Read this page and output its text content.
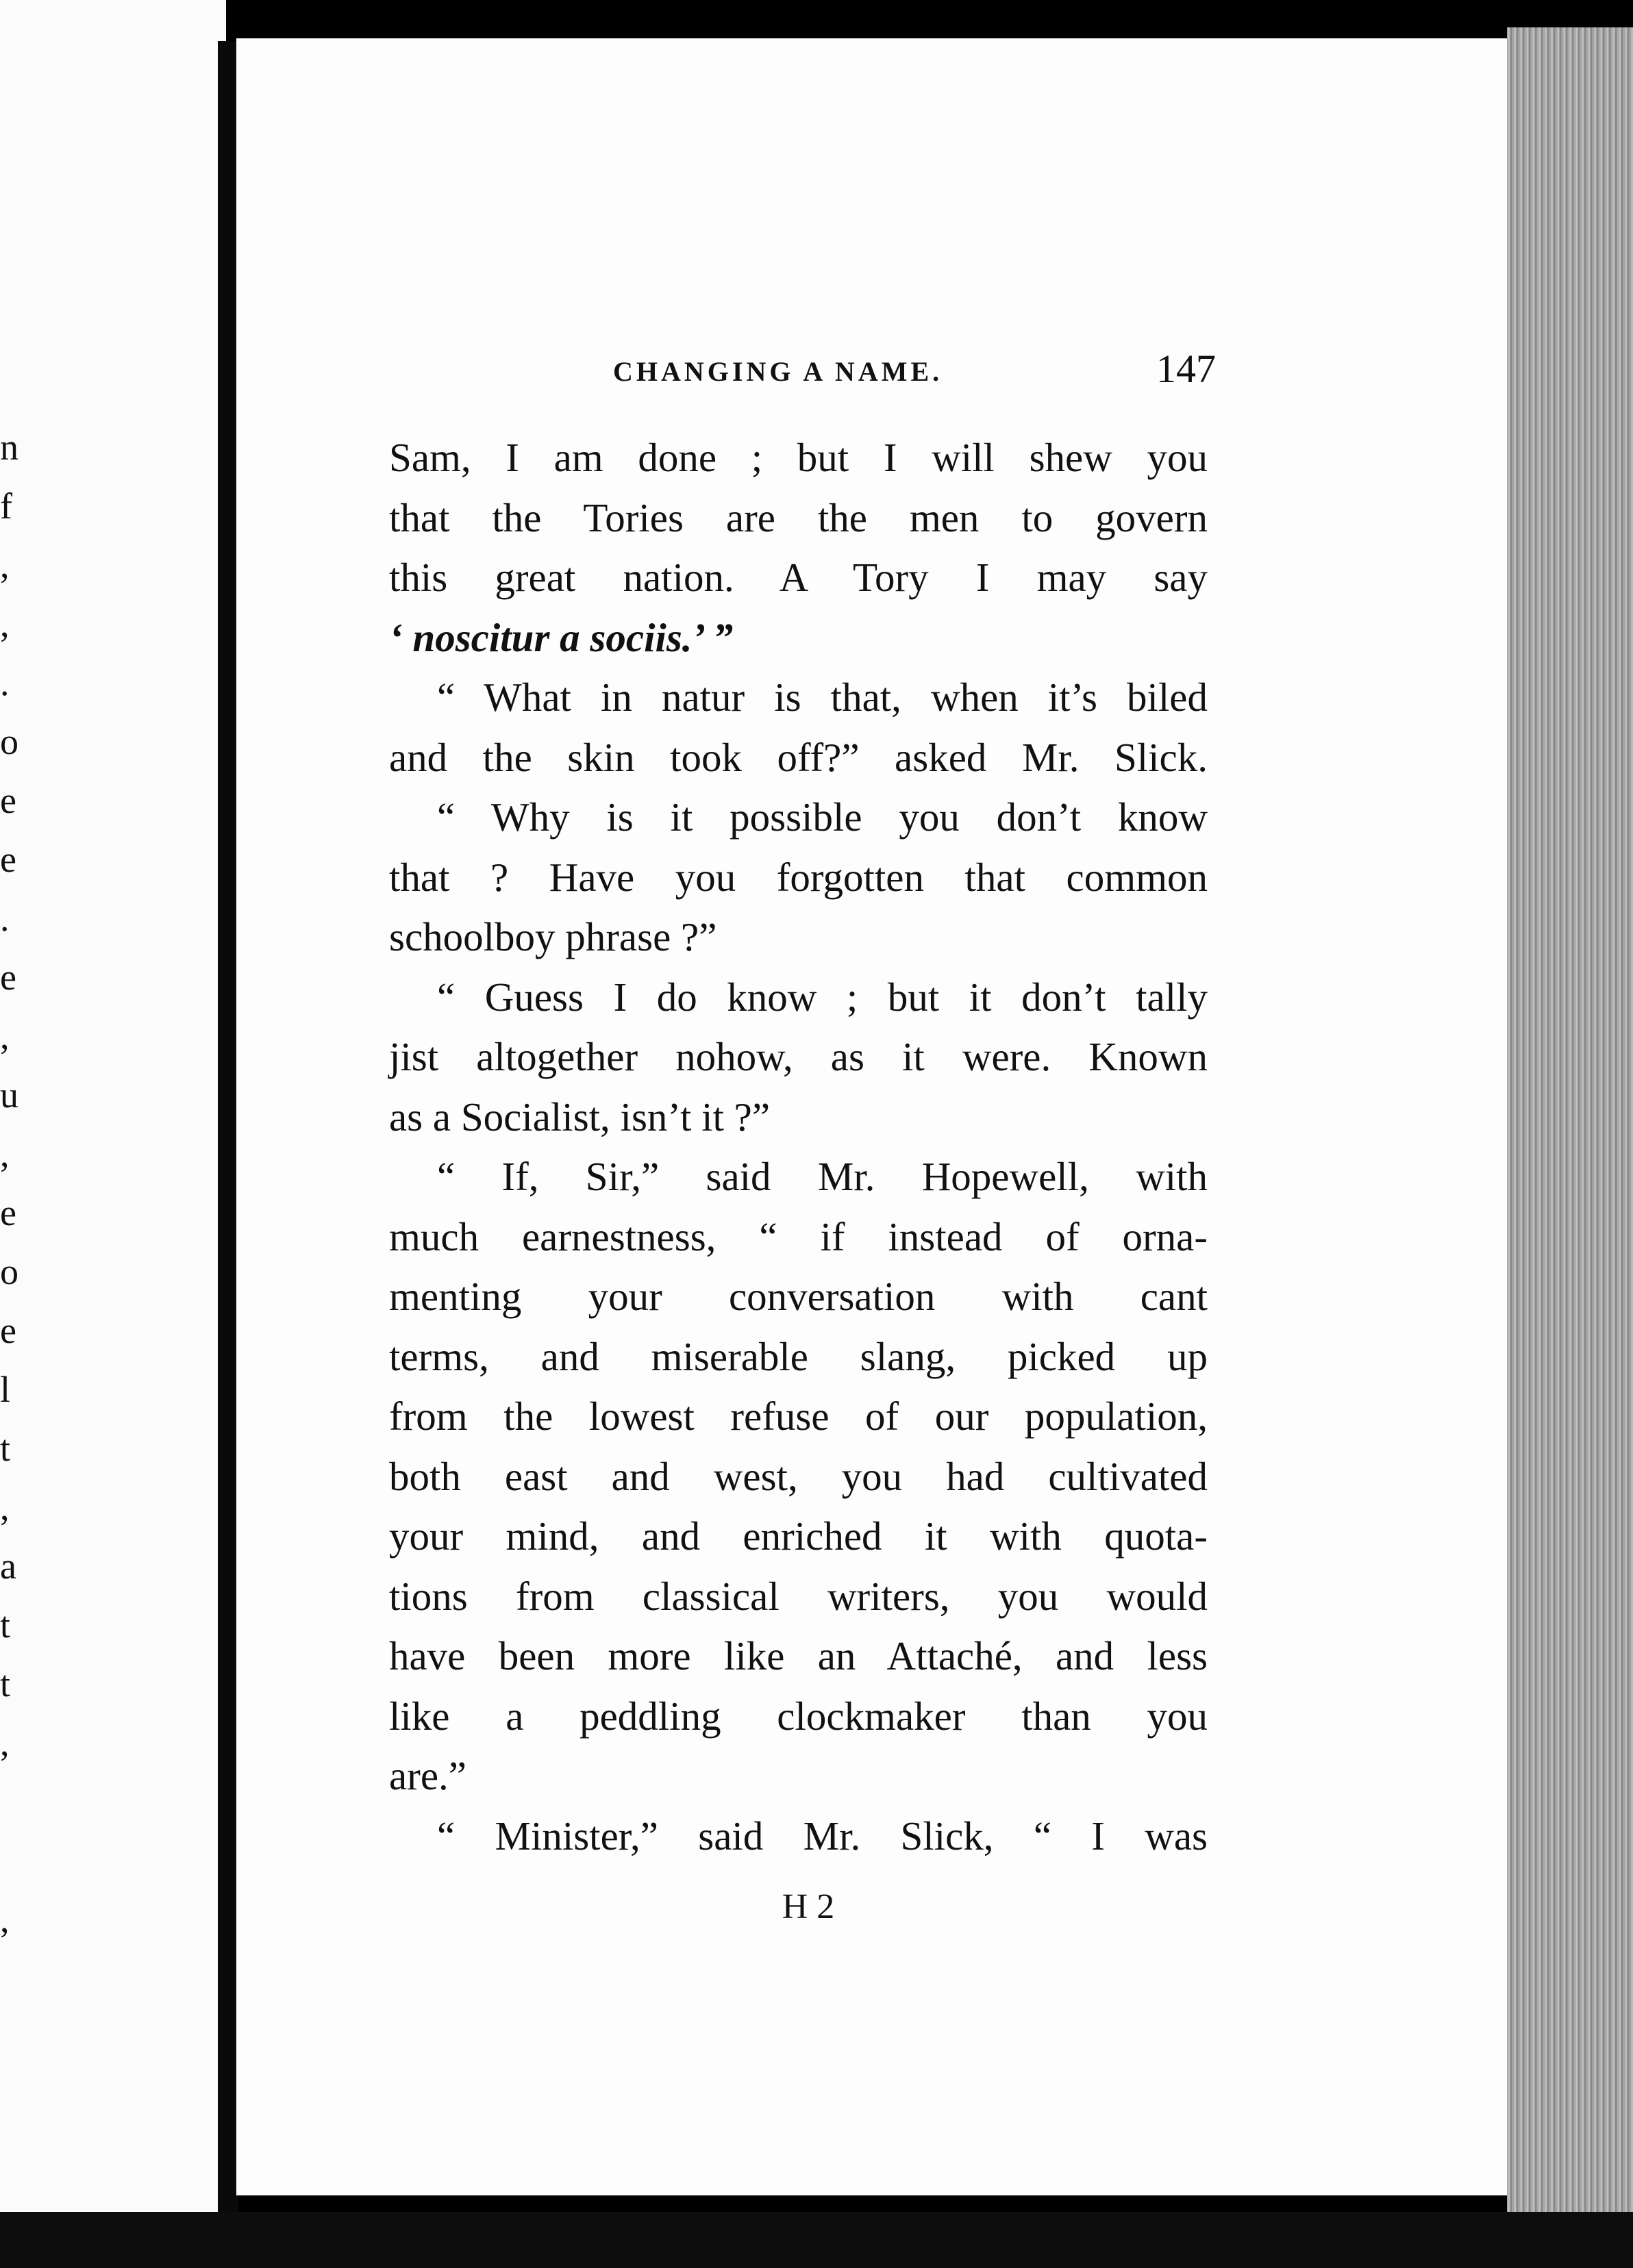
n
f
,
,
.
o
e
e
.
e
,
u
,
e
o
e
l
t
,
a
t
t
,
,
CHANGING A NAME.	147
Sam, I am done ; but I will shew you
that the Tories are the men to govern
this great nation. A Tory I may say
‘ noscitur a sociis.’ ”
“ What in natur is that, when it’s biled
and the skin took off?” asked Mr. Slick.
“ Why is it possible you don’t know
that ? Have you forgotten that common
schoolboy phrase ?”
“ Guess I do know ; but it don’t tally
jist altogether nohow, as it were. Known
as a Socialist, isn’t it ?”
“ If, Sir,” said Mr. Hopewell, with
much earnestness, “ if instead of orna-
menting your conversation with cant
terms, and miserable slang, picked up
from the lowest refuse of our population,
both east and west, you had cultivated
your mind, and enriched it with quota-
tions from classical writers, you would
have been more like an Attaché, and less
like a peddling clockmaker than you
are.”
“ Minister,” said Mr. Slick, “ I was
H 2
